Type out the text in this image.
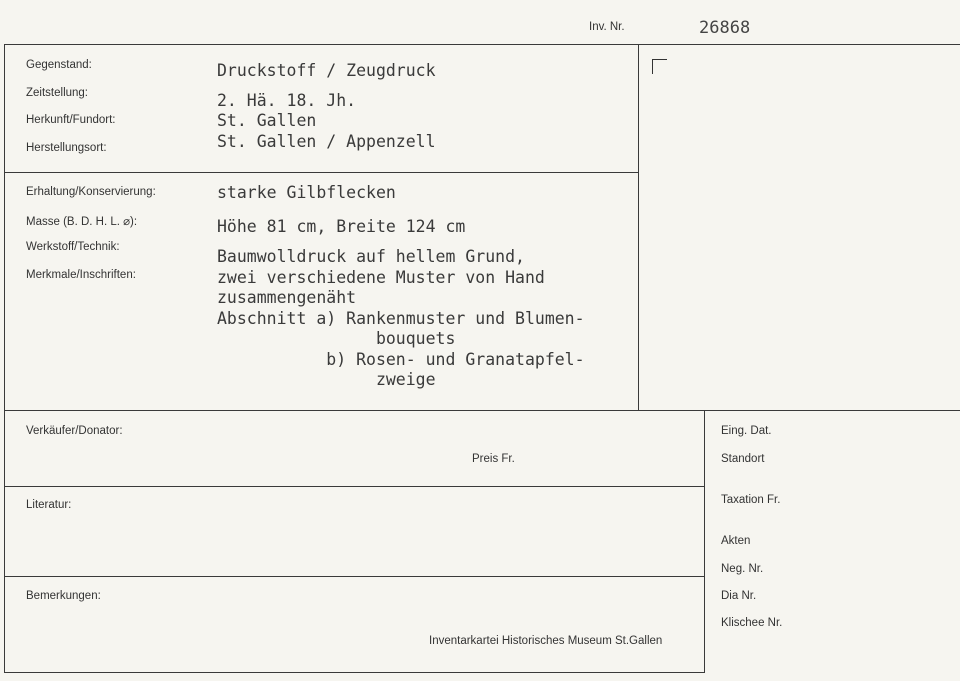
Inv. Nr.	26868
Gegenstand:
Zeitstellung:
Herkunft/Fundort:
Herstellungsort:
Druckstoff / Zeugdruck
2. Hä. 18. Jh.
St. Gallen
St. Gallen / Appenzell
Erhaltung/Konservierung:
Masse (B. D. H. L. ⌀):
Werkstoff/Technik:
Merkmale/Inschriften:
starke Gilbflecken
Höhe 81 cm, Breite 124 cm
Baumwolldruck auf hellem Grund,
zwei verschiedene Muster von Hand
zusammengenäht
Abschnitt a) Rankenmuster und Blumen-
bouquets
b) Rosen- und Granatapfel-
zweige
Verkäufer/Donator:
Preis Fr.
Literatur:
Bemerkungen:
Inventarkartei Historisches Museum St.Gallen
Eing. Dat.
Standort
Taxation Fr.
Akten
Neg. Nr.
Dia Nr.
Klischee Nr.
